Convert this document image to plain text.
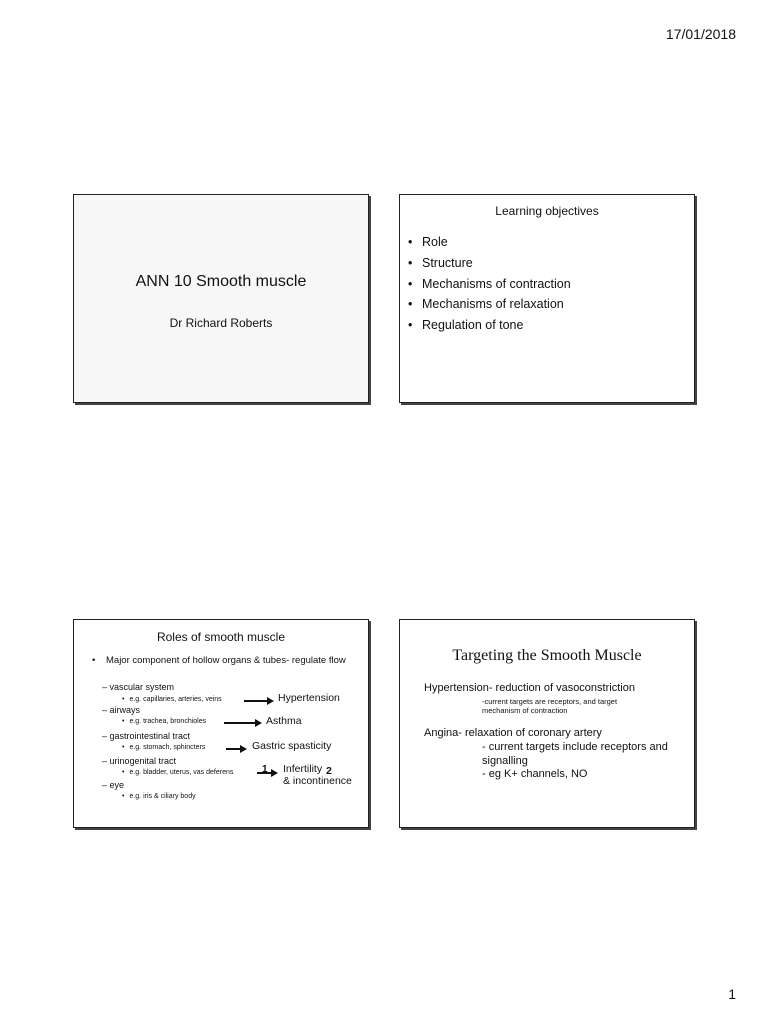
17/01/2018
ANN 10 Smooth muscle
Dr Richard Roberts
Learning objectives
• Role
• Structure
• Mechanisms of contraction
• Mechanisms of relaxation
• Regulation of tone
Roles of smooth muscle
•	Major component of hollow organs & tubes- regulate flow
– vascular system
• e.g. capillaries, arteries, veins	Hypertension
– airways
• e.g. trachea, bronchioles	Asthma
– gastrointestinal tract
• e.g. stomach, sphincters	Gastric spasticity
– urinogenital tract
• e.g. bladder, uterus, vas deferens	1 Infertility 2
& incontinence
– eye
• e.g. iris & ciliary body
Targeting the Smooth Muscle
Hypertension- reduction of vasoconstriction
-current targets are receptors, and target
mechanism of contraction
Angina- relaxation of coronary artery
- current targets include receptors and
signalling
- eg K+ channels, NO
1
